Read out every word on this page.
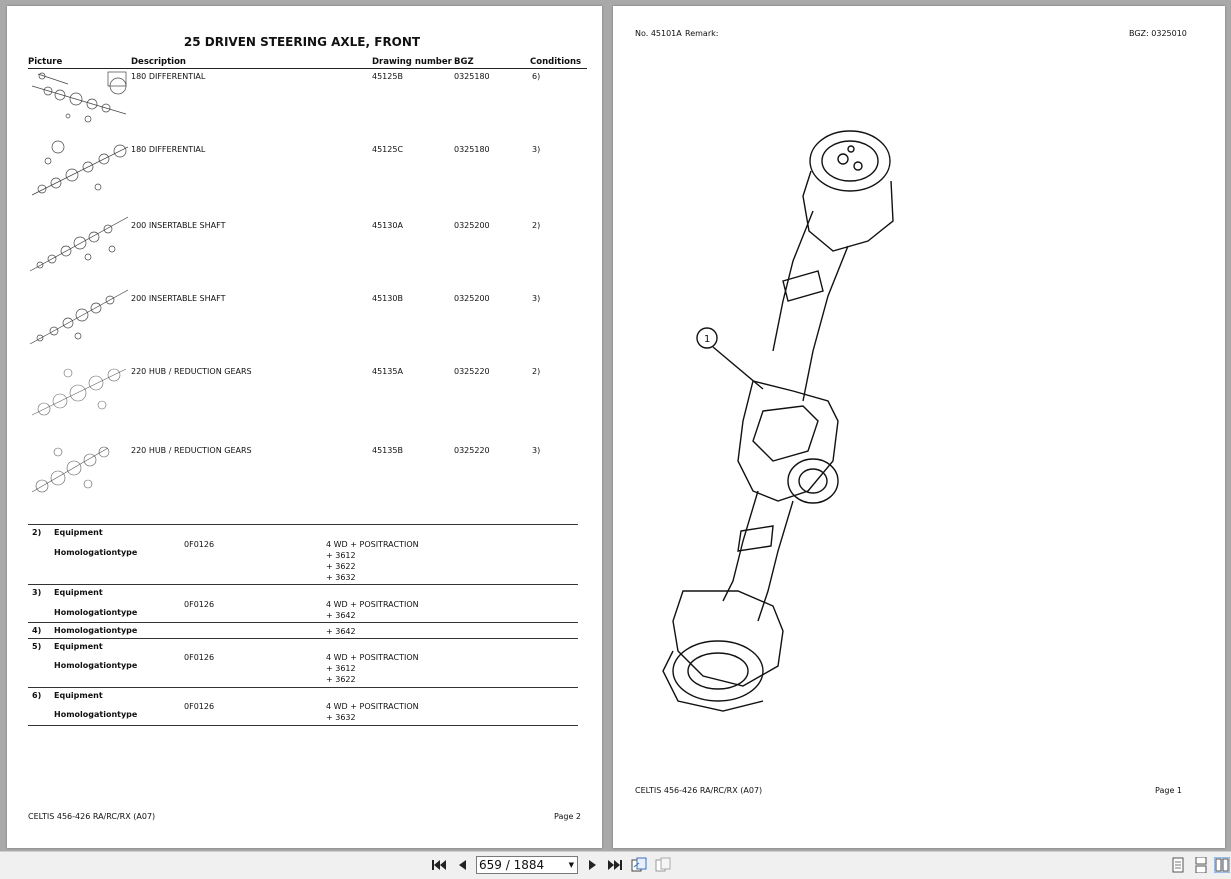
25 DRIVEN STEERING AXLE, FRONT
Picture	Description	Drawing number BGZ	Conditions
180 DIFFERENTIAL	45125B	0325180	6)
180 DIFFERENTIAL	45125C	0325180	3)
200 INSERTABLE SHAFT	45130A	0325200	2)
200 INSERTABLE SHAFT	45130B	0325200	3)
220 HUB / REDUCTION GEARS	45135A	0325220	2)
220 HUB / REDUCTION GEARS	45135B	0325220	3)
2) Equipment
Homologationtype
0F0126	4 WD + POSITRACTION
+ 3612
+ 3622
+ 3632
3) Equipment
Homologationtype
0F0126	4 WD + POSITRACTION
+ 3642
4) Homologationtype	+ 3642
5) Equipment
Homologationtype
0F0126	4 WD + POSITRACTION
+ 3612
+ 3622
6) Equipment
Homologationtype
0F0126	4 WD + POSITRACTION
+ 3632
CELTIS 456-426 RA/RC/RX (A07)	Page 2
No. 45101A Remark:	BGZ: 0325010
1
CELTIS 456-426 RA/RC/RX (A07)	Page 1
659 / 1884	▼
